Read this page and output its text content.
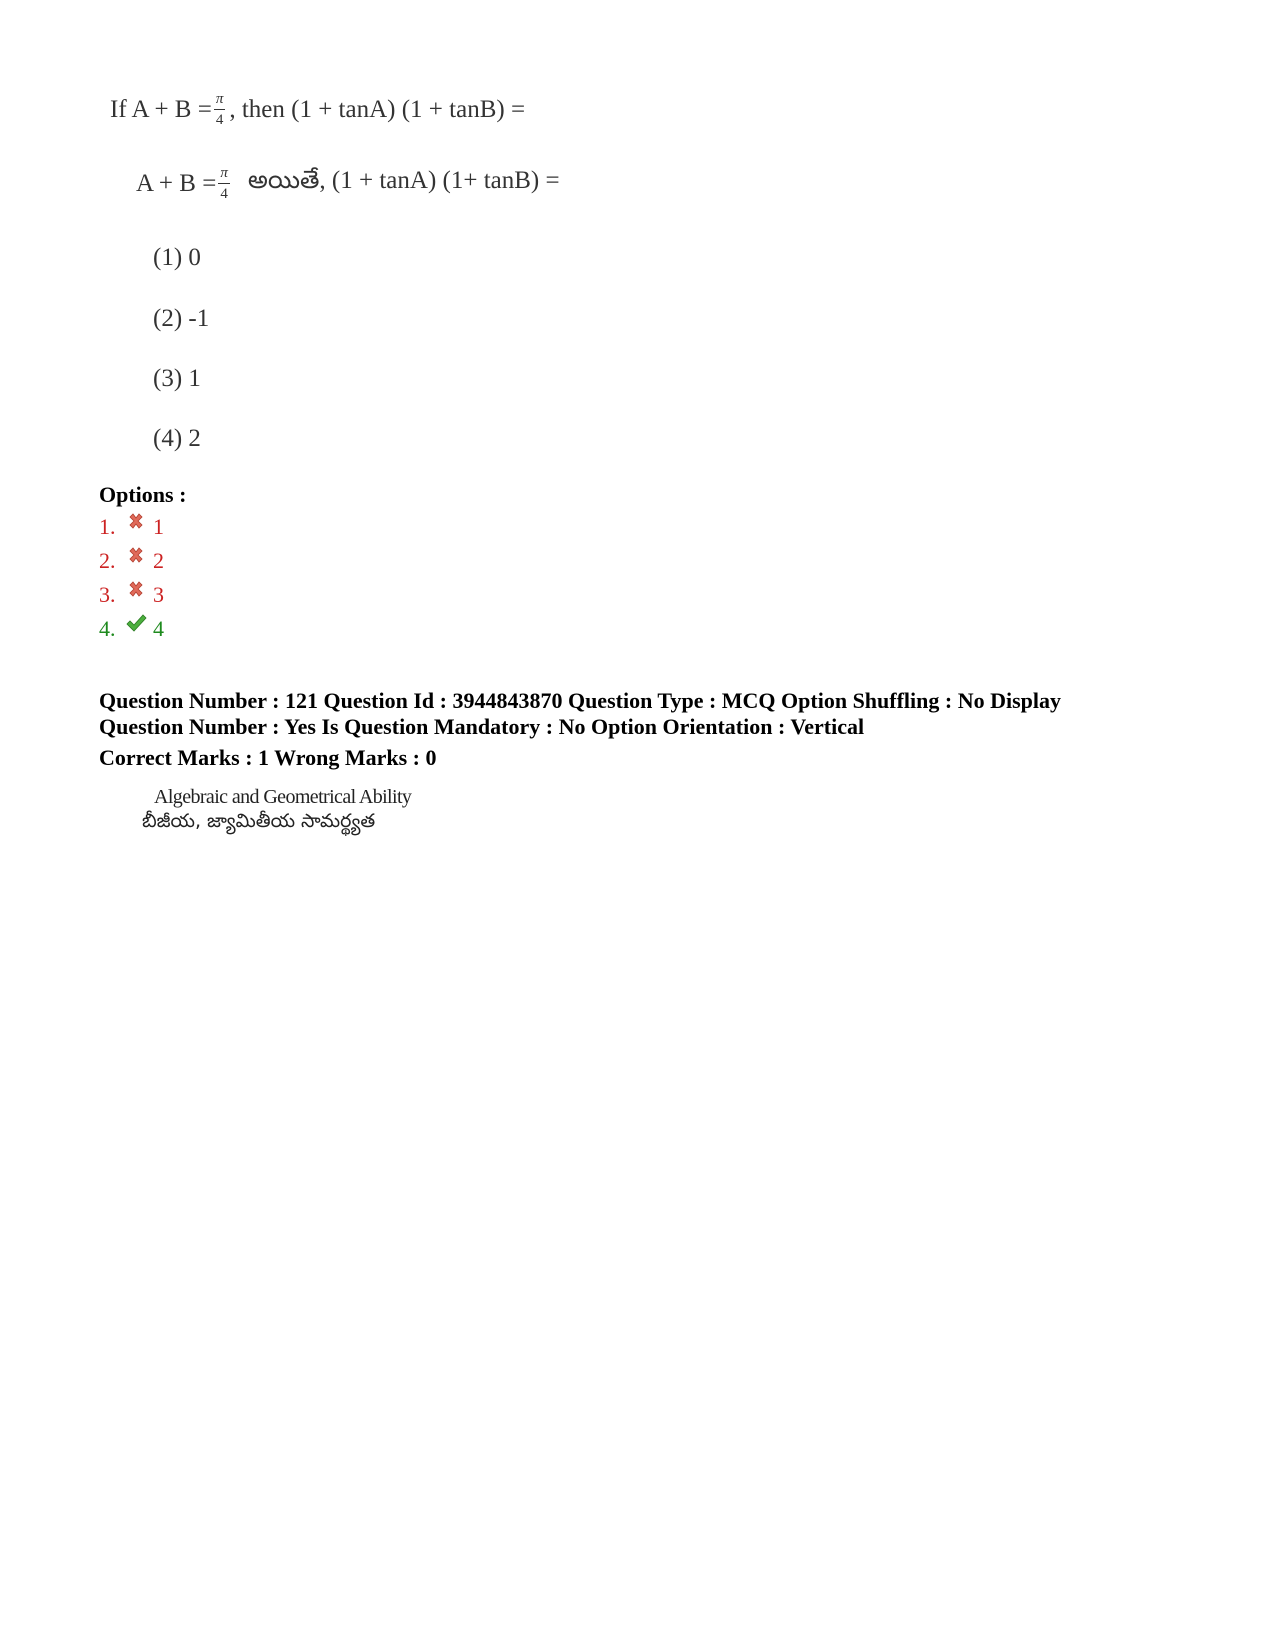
If $A + B = \frac{\pi}{4}$ , then (1 + tanA) (1 + tanB) =
$A + B = \frac{\pi}{4}$ అయితే, (1 + tanA) (1+ tanB) =
(1) 0
(2) -1
(3) 1
(4) 2
Options :
1.	1
2.	2
3.	3
4.	4
Question Number : 121 Question Id : 3944843870 Question Type : MCQ Option Shuffling : No Display
Question Number : Yes Is Question Mandatory : No Option Orientation : Vertical
Correct Marks : 1 Wrong Marks : 0
Algebraic and Geometrical Ability
బీజీయ, జ్యామితీయ సామర్థ్యత
